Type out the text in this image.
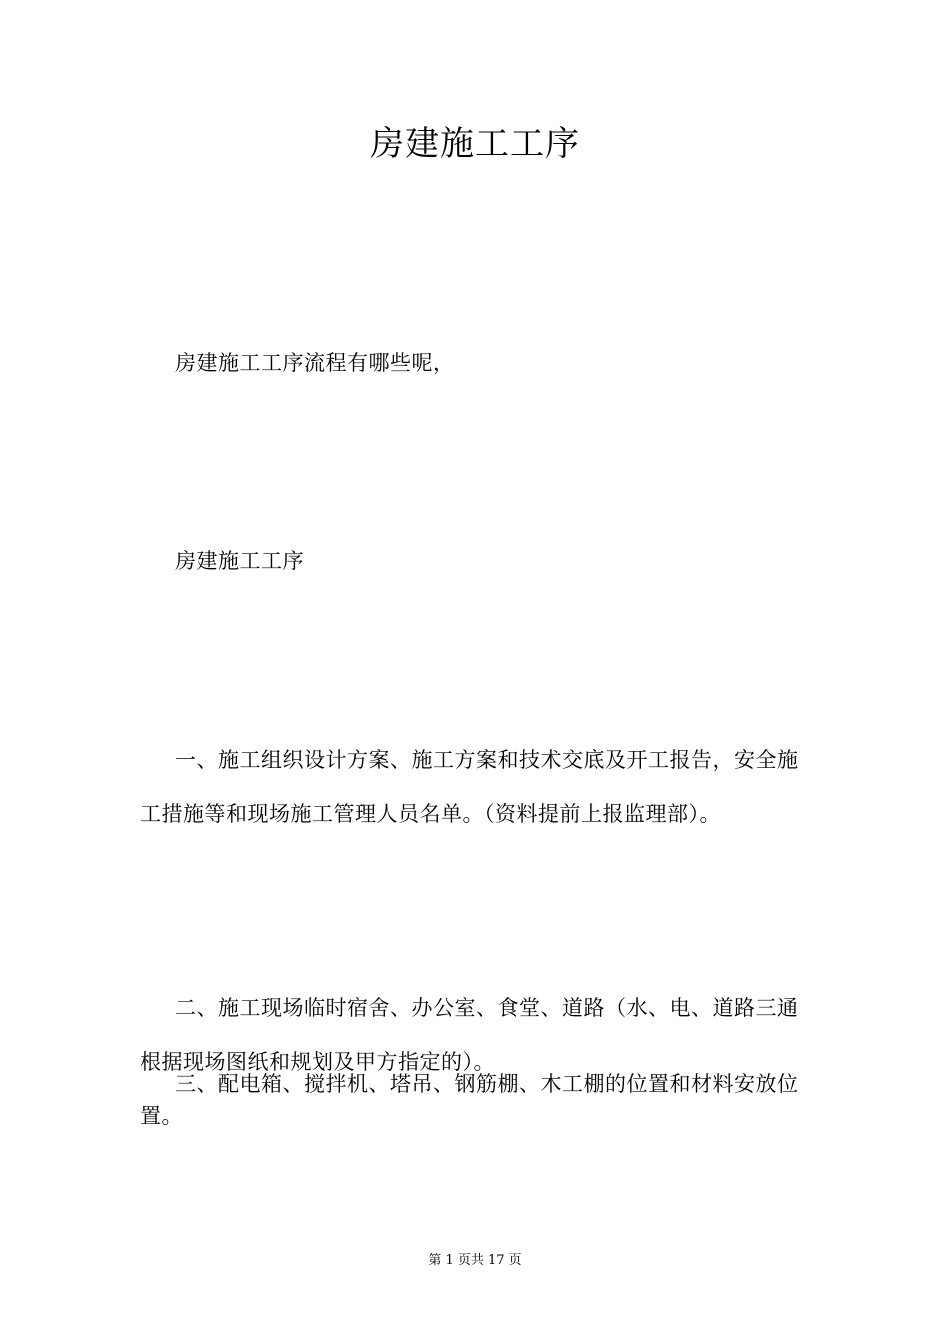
房建施工工序

房建施工工序流程有哪些呢，

房建施工工序

一、施工组织设计方案、施工方案和技术交底及开工报告，安全施工措施等和现场施工管理人员名单。（资料提前上报监理部）。

二、施工现场临时宿舍、办公室、食堂、道路（水、电、道路三通根据现场图纸和规划及甲方指定的）。

三、配电箱、搅拌机、塔吊、钢筋棚、木工棚的位置和材料安放位置。

第 1 页共 17 页
